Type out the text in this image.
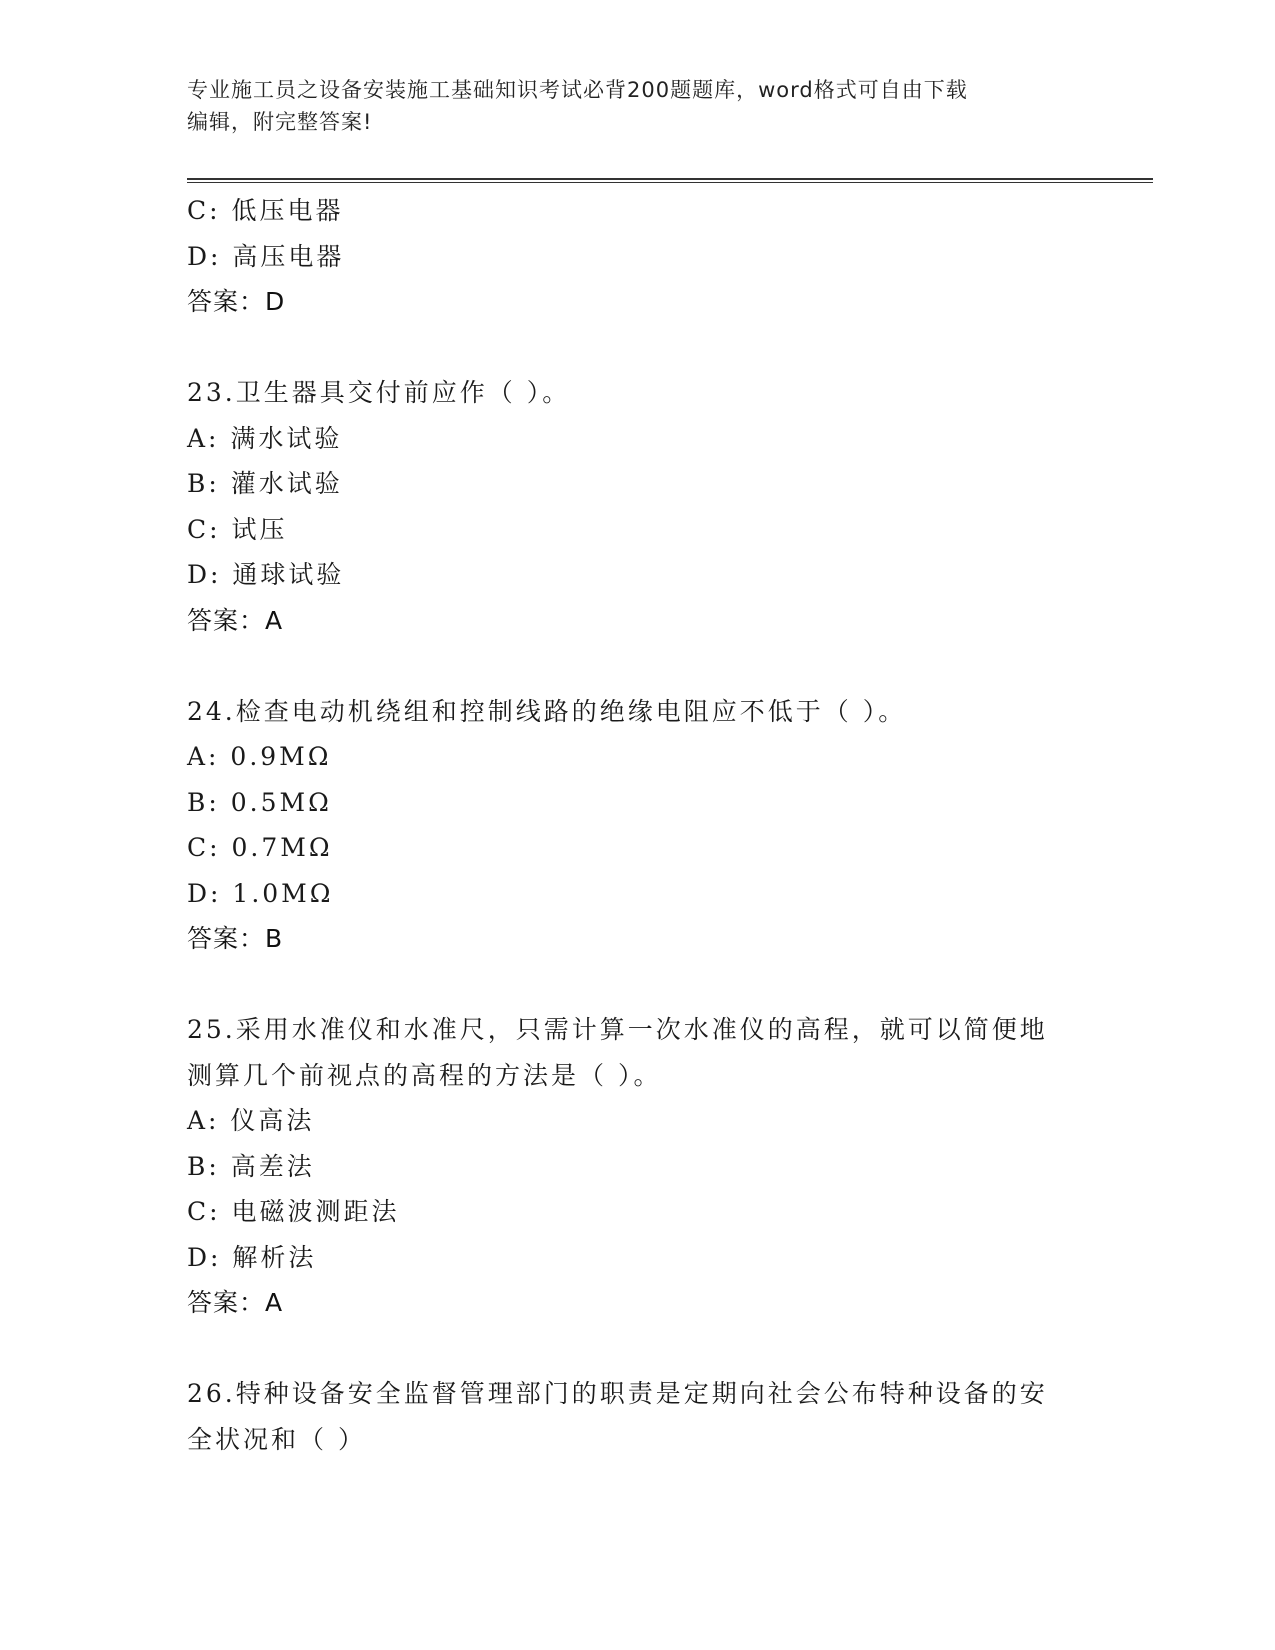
专业施工员之设备安装施工基础知识考试必背200题题库，word格式可自由下载
编辑，附完整答案!
C: 低压电器
D: 高压电器
答案：D
23.卫生器具交付前应作（ ）。
A: 满水试验
B: 灌水试验
C: 试压
D: 通球试验
答案：A
24.检查电动机绕组和控制线路的绝缘电阻应不低于（ ）。
A: 0.9MΩ
B: 0.5MΩ
C: 0.7MΩ
D: 1.0MΩ
答案：B
25.采用水准仪和水准尺，只需计算一次水准仪的高程，就可以简便地
测算几个前视点的高程的方法是（ ）。
A: 仪高法
B: 高差法
C: 电磁波测距法
D: 解析法
答案：A
26.特种设备安全监督管理部门的职责是定期向社会公布特种设备的安
全状况和（ ）
